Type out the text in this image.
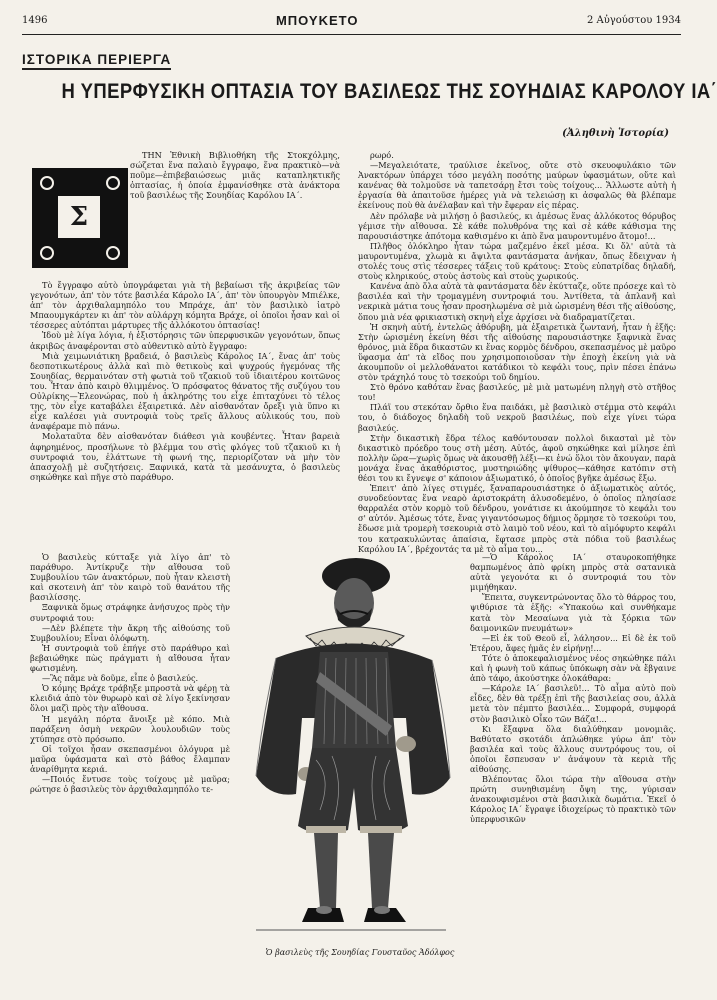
1496	ΜΠΟΥΚΕΤΟ	2 Αὐγούστου 1934
ΙΣΤΟΡΙΚΑ ΠΕΡΙΕΡΓΑ
Η ΥΠΕΡΦΥΣΙΚΗ ΟΠΤΑΣΙΑ ΤΟΥ ΒΑΣΙΛΕΩΣ ΤΗΣ ΣΟΥΗΔΙΑΣ ΚΑΡΟΛΟΥ ΙΑ΄
(Ἀληθινὴ Ἱστορία)
Σ

ΤΗΝ Ἐθνικὴ Βιβλιοθήκη τῆς Στοκχόλμης, σώζεται ἕνα παλαιὸ ἔγγραφο, ἕνα πρακτικὸ—νὰ ποῦμε—ἐπιβεβαιώσεως μιᾶς καταπληκτικῆς ὀπτασίας, ἡ ὁποία ἐμφανίσθηκε στὰ ἀνάκτορα τοῦ βασιλέως τῆς Σουηδίας Καρόλου ΙΑ΄.

Τὸ ἔγγραφο αὐτὸ ὑπογράφεται γιὰ τὴ βεβαίωσι τῆς ἀκριβείας τῶν γεγονότων, ἀπ' τὸν τότε βασιλέα Κάρολο ΙΑ΄, ἀπ' τὸν ὑπουργὸν Μπιέλκε, ἀπ' τὸν ἀρχιθαλαμηπόλο του Μπράχε, ἀπ' τὸν βασιλικὸ ἰατρὸ Μπαουμγκάρτεν κι ἀπ' τὸν αὐλάρχη κόμητα Βράχε, οἱ ὁποῖοι ἦσαν καὶ οἱ τέσσερες αὐτόπται μάρτυρες τῆς ἀλλόκοτου ὀπτασίας!

Ἰδοὺ μὲ λίγα λόγια, ἡ ἐξιστόρησις τῶν ὑπερφυσικῶν γεγονότων, ὅπως ἀκριβῶς ἀναφέρονται στὸ αὐθεντικὸ αὐτὸ ἔγγραφο:

Μιὰ χειμωνιάτικη βραδειά, ὁ βασιλεὺς Κάρολος ΙΑ΄, ἕνας ἀπ' τοὺς δεσποτικωτέρους ἀλλὰ καὶ πιὸ θετικοὺς καὶ ψυχρούς ἡγεμόνας τῆς Σουηδίας, θερμαινόταν στὴ φωτιὰ τοῦ τζακιοῦ τοῦ ἰδιαιτέρου κοιτῶνος του. Ἦταν ἀπὸ καιρὸ θλιμμένος. Ὁ πρόσφατος θάνατος τῆς συζύγου του Οὐλρίκης—Ἐλεονώρας, ποὺ ἡ ἀκληρότης του εἶχε ἐπιταχύνει τὸ τέλος της, τὸν εἶχε καταβάλει ἐξαιρετικά. Δὲν αἰσθανόταν ὄρεξι γιὰ ὕπνο κι εἶχε καλέσει γιὰ συντροφιὰ τοὺς τρεῖς ἄλλους αὐλικούς του, ποὺ ἀναφέραμε πιὸ πάνω.

Μολαταῦτα δὲν αἰσθανόταν διάθεσι γιὰ κουβέντες. Ἦταν βαρειὰ ἀφηρημένος, προσήλωνε τὸ βλέμμα του στὶς φλόγες τοῦ τζακιοῦ κι ἡ συντροφιά του, ἐλάττωνε τὴ φωνή της, περιορίζοταν νὰ μὴν τὸν ἀπασχολῇ μὲ συζητήσεις. Ξαφνικά, κατὰ τὰ μεσάνυχτα, ὁ βασιλεὺς σηκώθηκε καὶ πῆγε στὸ παράθυρο.

ρωρό.

—Μεγαλειότατε, τραύλισε ἐκεῖνος, οὔτε στὸ σκευοφυλάκιο τῶν Ἀνακτόρων ὑπάρχει τόσο μεγάλη ποσότης μαύρων ὑφασμάτων, οὔτε καὶ κανένας θὰ τολμοῦσε νὰ ταπετσάρῃ ἔτσι τοὺς τοίχους... Ἄλλωστε αὐτὴ ἡ ἐργασία θὰ ἀπαιτοῦσε ἡμέρες γιὰ νὰ τελειώσῃ κι ἀσφαλῶς θὰ βλέπαμε ἐκείνους ποὺ θὰ ἀνέλαβαν καὶ τὴν ἔφεραν εἰς πέρας.

Δὲν πρόλαβε νὰ μιλήσῃ ὁ βασιλεύς, κι ἀμέσως ἕνας ἀλλόκοτος θόρυβος γέμισε τὴν αἴθουσα. Σὲ κάθε πολυθρόνα της καὶ σὲ κάθε κάθισμα της παρουσιάστηκε ἀπότομα καθισμένο κι ἀπὸ ἕνα μαυροντυμένο ἄτομο!...

Πλῆθος ὁλόκληρο ἦταν τώρα μαζεμένο ἐκεῖ μέσα. Κι ὅλ' αὐτὰ τὰ μαυροντυμένα, χλωμὰ κι ἄψιλτα φαντάσματα ἀνήκαν, ὅπως ἔδειχναν ἡ στολές τους στὶς τέσσερες τάξεις τοῦ κράτους: Στοὺς εὐπατρίδας δηλαδή, στοὺς κληρικούς, στοὺς ἀστοὺς καὶ στοὺς χωρικούς.

Κανένα ἀπὸ ὅλα αὐτὰ τὰ φαντάσματα δὲν ἐκύτταζε, οὔτε πρόσεχε καὶ τὸ βασιλέα καὶ τὴν τρομαγμένη συντροφιά του. Ἀντίθετα, τὰ ἀπλανῆ καὶ νεκρικὰ μάτια τους ἦσαν προσηλωμένα σὲ μιὰ ὡρισμένη θέσι τῆς αἰθούσης, ὅπου μιὰ νέα φρικιαστικὴ σκηνὴ εἶχε ἀρχίσει νὰ διαδραματίζεται.

Ἡ σκηνὴ αὐτή, ἐντελῶς ἀθόρυβη, μὰ ἐξαιρετικὰ ζωντανή, ἦταν ἡ ἑξῆς: Στὴν ὡρισμένη ἐκείνη θέσι τῆς αἰθούσης παρουσιάστηκε ξαφνικὰ ἕνας θρόνος, μιὰ ἕδρα δικαστῶν κι ἕνας κορμὸς δένδρου, σκεπασμένος μὲ μαῦρο ὕφασμα ἀπ' τὰ εἴδος που χρησιμοποιοῦσαν τὴν ἐποχὴ ἐκείνη γιὰ νὰ ἀκουμποῦν οἱ μελλοθάνατοι κατάδικοι τὸ κεφάλι τους, πρὶν πέσει ἐπάνω στὸν τράχηλό τους τὸ τσεκούρι τοῦ δημίου.

Στὸ θρόνο καθόταν ἕνας βασιλεύς, μὲ μιὰ ματωμένη πληγὴ στὸ στῆθος του!

Πλάϊ του στεκόταν ὄρθιο ἕνα παιδάκι, μὲ βασιλικὸ στέμμα στὸ κεφάλι του, ὁ διάδοχος δηλαδὴ τοῦ νεκροῦ βασιλέως, ποὺ εἶχε γίνει τώρα βασιλεύς.

Στὴν δικαστικὴ ἕδρα τέλος καθόντουσαν πολλοὶ δικασταὶ μὲ τὸν δικαστικὸ πρόεδρο τους στὴ μέση. Αὐτός, ἀφοῦ σηκώθηκε καὶ μίλησε ἐπὶ πολλὴν ὥρα—χωρὶς ὅμως νὰ ἀκουσθῇ λέξι—κι ἐνώ ὅλοι τὸν ἄκουγαν, παρὰ μονάχα ἕνας ἀκαθόριστος, μυστηριώδης ψίθυρος—κάθησε κατόπιν στὴ θέσι του κι ἔγνεψε σ' κάποιον ἀξιωματικό, ὁ ὁποῖος βγῆκε ἀμέσως ἔξω.

Ἐπειτ' ἀπὸ λίγες στιγμές, ξαναπαρουσιάστηκε ὁ ἀξιωματικὸς αὐτός, συνοδεύοντας ἕνα νεαρὸ ἀριστοκράτη ἁλυσοδεμένο, ὁ ὁποῖος πλησίασε θαρραλέα στὸν κορμὸ τοῦ δένδρου, γονάτισε κι ἀκούμπησε τὸ κεφάλι του σ' αὐτόν. Ἀμέσως τότε, ἕνας γιγαντόσωμος δήμιος ὅρμησε τὸ τσεκούρι του, ἔδωσε μιὰ τρομερὴ τσεκουριὰ στὸ λαιμὸ τοῦ νέου, καὶ τὸ αἱμόφυρτο κεφάλι του κατρακυλώντας ἀπαίσια, ἔφτασε μπρὸς στὰ πόδια τοῦ βασιλέως Καρόλου ΙΑ΄, βρέχοντάς τα μὲ τὸ αἷμα του...

Ὁ βασιλεὺς κύτταξε γιὰ λίγο ἀπ' τὸ παράθυρο. Ἀντίκρυζε τὴν αἴθουσα τοῦ Συμβουλίου τῶν ἀνακτόρων, ποὺ ἦταν κλειστὴ καὶ σκοτεινὴ ἀπ' τὸν καιρὸ τοῦ θανάτου τῆς βασιλίσσης.

Ξαφνικὰ ὅμως στράφηκε ἀνήσυχος πρὸς τὴν συντροφιά του:

—Δὲν βλέπετε τὴν ἄκρη τῆς αἰθούσης τοῦ Συμβουλίου; Εἶναι ὁλόφωτη.

Ἡ συντροφιὰ τοῦ ἐπήγε στὸ παράθυρο καὶ βεβαιώθηκε πὼς πράγματι ἡ αἴθουσα ἦταν φωτισμένη.

—Ἂς πᾶμε νὰ δοῦμε, εἶπε ὁ βασιλεύς.

Ὁ κόμης Βράχε τράβηξε μπροστὰ νὰ φέρῃ τὰ κλειδιά ἀπὸ τὸν θυρωρὸ καὶ σὲ λίγο ξεκίνησαν ὅλοι μαζὶ πρὸς τὴν αἴθουσα.

Ἡ μεγάλη πόρτα ἄνοιξε μὲ κόπο. Μιὰ παράξενη ὀσμὴ νεκρῶν λουλουδιῶν τοὺς χτύπησε στὸ πρόσωπο.

Οἱ τοῖχοι ἦσαν σκεπασμένοι ὁλόγυρα μὲ μαῦρα ὑφάσματα καὶ στὸ βάθος ἔλαμπαν ἀναρίθμητα κεριά.

—Ποιός ἔντυσε τοὺς τοίχους μὲ μαῦρα; ρώτησε ὁ βασιλεὺς τὸν ἀρχιθαλαμηπόλο τε-

—Ὁ Κάρολος ΙΑ΄ σταυροκοπήθηκε θαμπωμένος ἀπὸ φρίκη μπρὸς στὰ σατανικὰ αὐτὰ γεγονότα κι ὁ συντροφιά του τὸν μιμήθηκαν.

Ἔπειτα, συγκεντρώνοντας ὅλο τὸ θάρρος του, ψιθύρισε τὰ ἐξῆς: «Ὑπακούω καὶ συνθήκαμε κατὰ τὸν Μεσαίωνα γιὰ τὰ ξόρκια τῶν δαιμονικῶν πνευμάτων»

—Εἰ ἐκ τοῦ Θεοῦ εἶ, λάλησον... Εἰ δὲ ἐκ τοῦ Ἑτέρου, ἄφες ἡμᾶς ἐν εἰρήνῃ!...

Τότε ὁ ἀποκεφαλισμένος νέος σηκώθηκε πάλι καὶ ἡ φωνὴ τοῦ κάπως ὑπόκωφη σὰν νὰ ἔβγαινε ἀπὸ τάφο, ἀκούστηκε ὁλοκάθαρα:

—Κάρολε ΙΑ΄ βασιλεῦ!... Τὸ αἷμα αὐτὸ ποὺ εἶδες, δὲν θὰ τρέξῃ ἐπὶ τῆς βασιλείας σου, ἀλλὰ μετὰ τὸν πέμπτο βασιλέα... Συμφορά, συμφορά στὸν βασιλικὸ Οἶκο τῶν Βάζα!...

Κι ἔξαφνα ὅλα διαλύθηκαν μονομιᾶς. Βαθύτατο σκοτάδι ἁπλώθηκε γύρω ἀπ' τὸν βασιλέα καὶ τοὺς ἄλλους συντρόφους του, οἱ ὁποῖοι ἔσπευσαν ν' ἀνάψουν τὰ κεριὰ τῆς αἰθούσης.

Βλέποντας ὅλοι τώρα τὴν αἴθουσα στὴν πρώτη συνηθισμένη ὄψη της, γύρισαν ἀνακουφισμένοι στὰ βασιλικὰ δωμάτια. Ἐκεῖ ὁ Κάρολος ΙΑ΄ ἔγραψε ἰδιοχείρως τὸ πρακτικὸ τῶν ὑπερφυσικῶν

Ὁ βασιλεὺς τῆς Σουηδίας Γουσταῦος Ἀδόλφος
